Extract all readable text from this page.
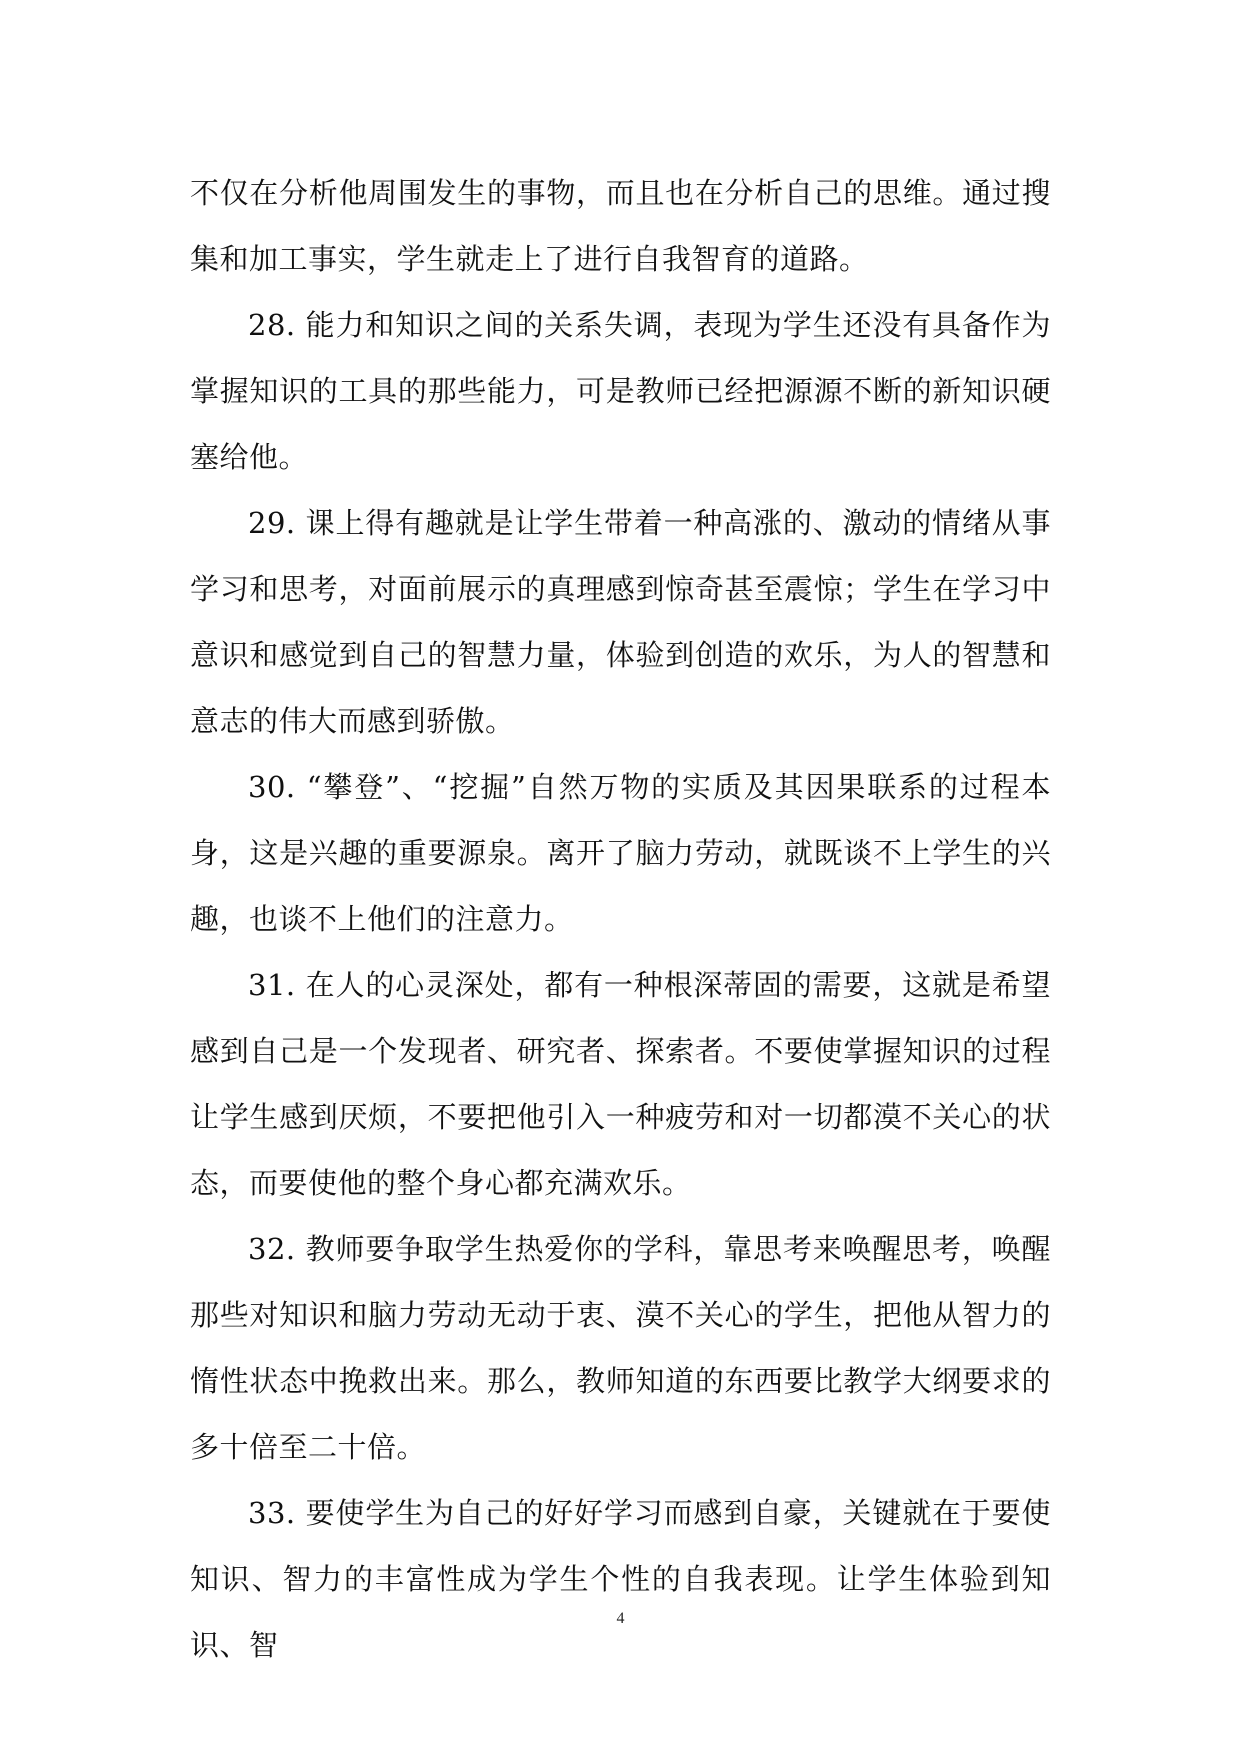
不仅在分析他周围发生的事物，而且也在分析自己的思维。通过搜集和加工事实，学生就走上了进行自我智育的道路。

28. 能力和知识之间的关系失调，表现为学生还没有具备作为掌握知识的工具的那些能力，可是教师已经把源源不断的新知识硬塞给他。

29. 课上得有趣就是让学生带着一种高涨的、激动的情绪从事学习和思考，对面前展示的真理感到惊奇甚至震惊；学生在学习中意识和感觉到自己的智慧力量，体验到创造的欢乐，为人的智慧和意志的伟大而感到骄傲。

30. “攀登”、“挖掘”自然万物的实质及其因果联系的过程本身，这是兴趣的重要源泉。离开了脑力劳动，就既谈不上学生的兴趣，也谈不上他们的注意力。

31. 在人的心灵深处，都有一种根深蒂固的需要，这就是希望感到自己是一个发现者、研究者、探索者。不要使掌握知识的过程让学生感到厌烦，不要把他引入一种疲劳和对一切都漠不关心的状态，而要使他的整个身心都充满欢乐。

32. 教师要争取学生热爱你的学科，靠思考来唤醒思考，唤醒那些对知识和脑力劳动无动于衷、漠不关心的学生，把他从智力的惰性状态中挽救出来。那么，教师知道的东西要比教学大纲要求的多十倍至二十倍。

33. 要使学生为自己的好好学习而感到自豪，关键就在于要使知识、智力的丰富性成为学生个性的自我表现。让学生体验到知识、智

4
